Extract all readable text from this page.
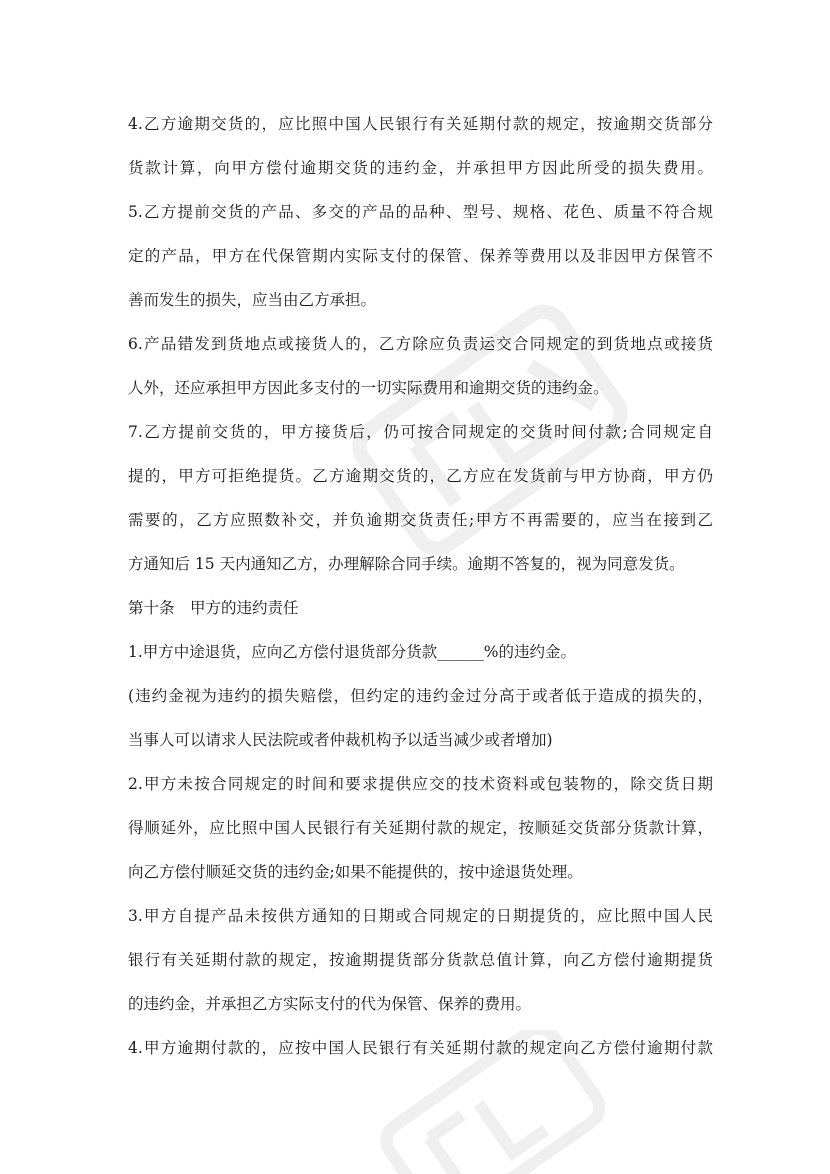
4.乙方逾期交货的，应比照中国人民银行有关延期付款的规定，按逾期交货部分
货款计算，向甲方偿付逾期交货的违约金，并承担甲方因此所受的损失费用。
5.乙方提前交货的产品、多交的产品的品种、型号、规格、花色、质量不符合规
定的产品，甲方在代保管期内实际支付的保管、保养等费用以及非因甲方保管不
善而发生的损失，应当由乙方承担。
6.产品错发到货地点或接货人的，乙方除应负责运交合同规定的到货地点或接货
人外，还应承担甲方因此多支付的一切实际费用和逾期交货的违约金。
7.乙方提前交货的，甲方接货后，仍可按合同规定的交货时间付款;合同规定自
提的，甲方可拒绝提货。乙方逾期交货的，乙方应在发货前与甲方协商，甲方仍
需要的，乙方应照数补交，并负逾期交货责任;甲方不再需要的，应当在接到乙
方通知后 15 天内通知乙方，办理解除合同手续。逾期不答复的，视为同意发货。
第十条　甲方的违约责任
1.甲方中途退货，应向乙方偿付退货部分货款______%的违约金。
(违约金视为违约的损失赔偿，但约定的违约金过分高于或者低于造成的损失的，
当事人可以请求人民法院或者仲裁机构予以适当减少或者增加)
2.甲方未按合同规定的时间和要求提供应交的技术资料或包装物的，除交货日期
得顺延外，应比照中国人民银行有关延期付款的规定，按顺延交货部分货款计算，
向乙方偿付顺延交货的违约金;如果不能提供的，按中途退货处理。
3.甲方自提产品未按供方通知的日期或合同规定的日期提货的，应比照中国人民
银行有关延期付款的规定，按逾期提货部分货款总值计算，向乙方偿付逾期提货
的违约金，并承担乙方实际支付的代为保管、保养的费用。
4.甲方逾期付款的，应按中国人民银行有关延期付款的规定向乙方偿付逾期付款
